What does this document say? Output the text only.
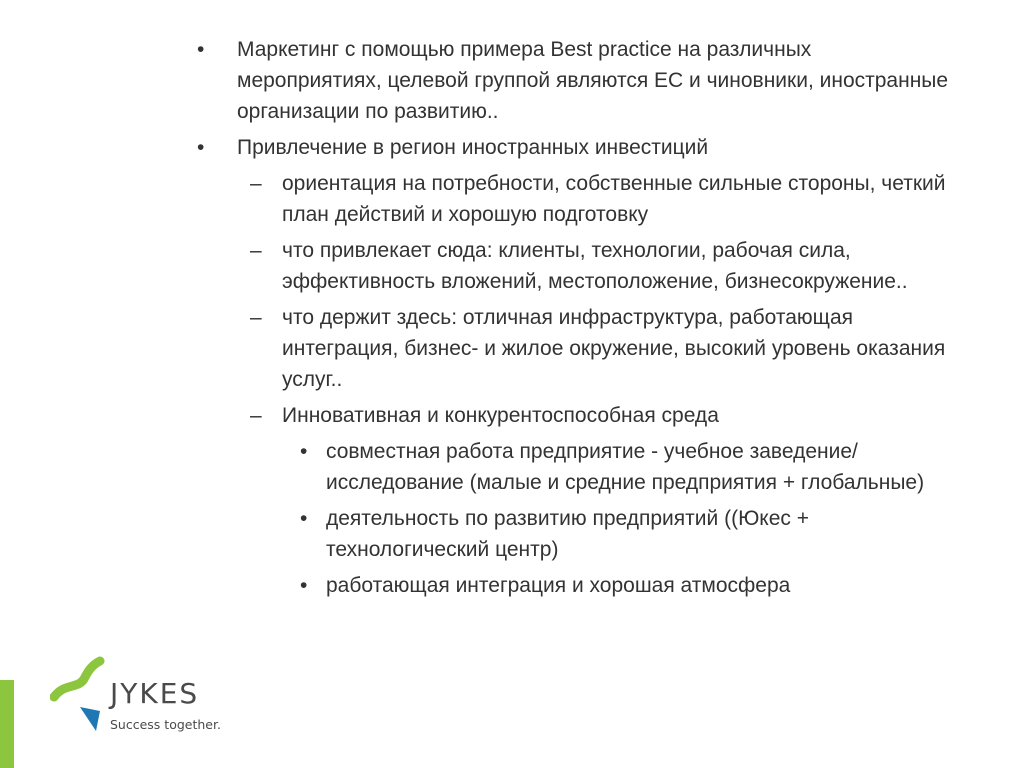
• Маркетинг с помощью примера Best practice на различных мероприятиях, целевой группой являются ЕС и чиновники, иностранные организации по развитию..
• Привлечение в регион иностранных инвестиций
– ориентация на потребности, собственные сильные стороны, четкий план действий и хорошую подготовку
– что привлекает сюда: клиенты, технологии, рабочая сила, эффективность вложений, местоположение, бизнесокружение..
– что держит здесь: отличная инфраструктура, работающая интеграция, бизнес- и жилое окружение, высокий уровень оказания услуг..
– Инновативная и конкурентоспособная среда
• совместная работа предприятие - учебное заведение/исследование (малые и средние предприятия + глобальные)
• деятельность по развитию предприятий ((Юкес + технологический центр)
• работающая интеграция и хорошая атмосфера
JYKES
Success together.
